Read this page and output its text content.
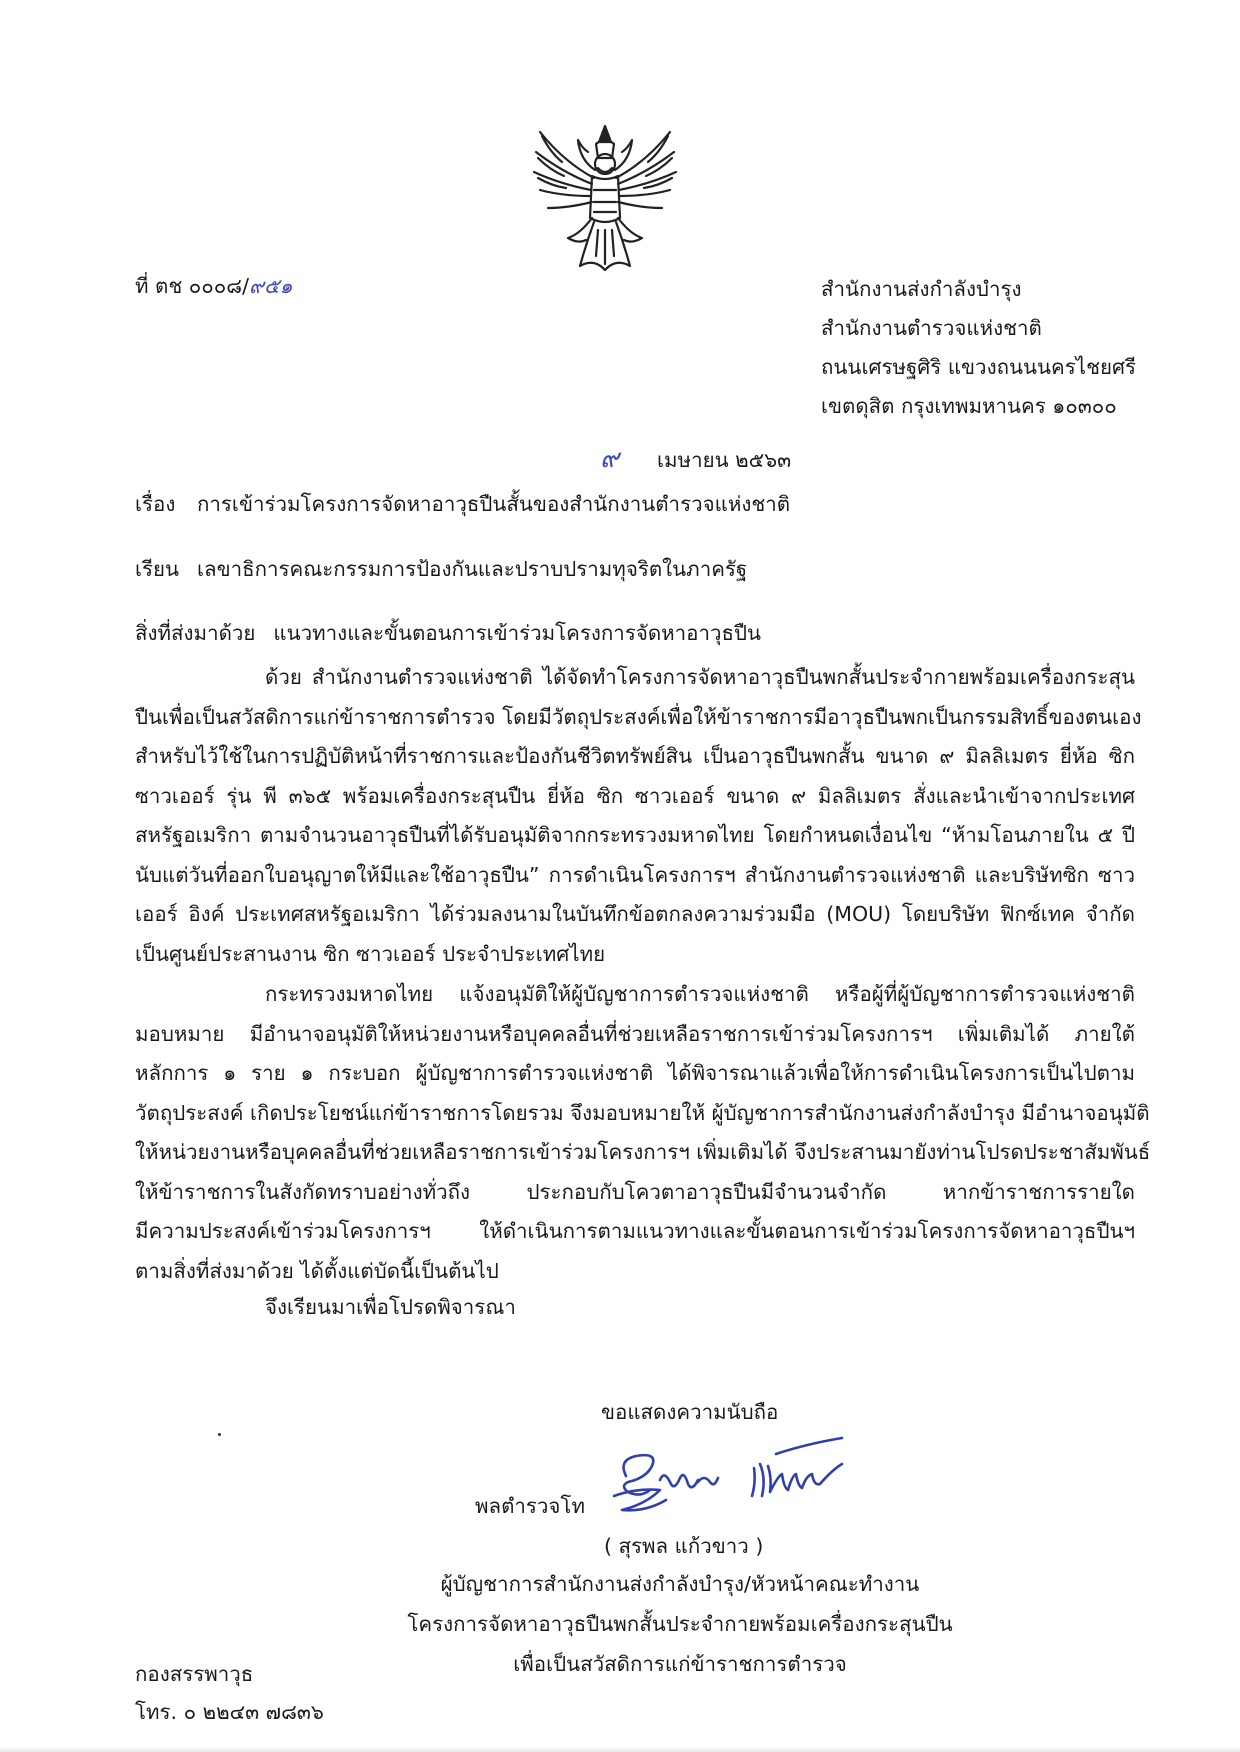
ที่ ตช ๐๐๐๘/๙๕๑	สำนักงานส่งกำลังบำรุง
สำนักงานตำรวจแห่งชาติ
ถนนเศรษฐศิริ แขวงถนนนครไชยศรี
เขตดุสิต กรุงเทพมหานคร ๑๐๓๐๐
๙ เมษายน ๒๕๖๓
เรื่อง การเข้าร่วมโครงการจัดหาอาวุธปืนสั้นของสำนักงานตำรวจแห่งชาติ
เรียน เลขาธิการคณะกรรมการป้องกันและปราบปรามทุจริตในภาครัฐ
สิ่งที่ส่งมาด้วย แนวทางและขั้นตอนการเข้าร่วมโครงการจัดหาอาวุธปืน
ด้วย สำนักงานตำรวจแห่งชาติ ได้จัดทำโครงการจัดหาอาวุธปืนพกสั้นประจำกายพร้อมเครื่องกระสุน
ปืนเพื่อเป็นสวัสดิการแก่ข้าราชการตำรวจ โดยมีวัตถุประสงค์เพื่อให้ข้าราชการมีอาวุธปืนพกเป็นกรรมสิทธิ์ของตนเอง
สำหรับไว้ใช้ในการปฏิบัติหน้าที่ราชการและป้องกันชีวิตทรัพย์สิน เป็นอาวุธปืนพกสั้น ขนาด ๙ มิลลิเมตร ยี่ห้อ ซิก
ซาวเออร์ รุ่น พี ๓๖๕ พร้อมเครื่องกระสุนปืน ยี่ห้อ ซิก ซาวเออร์ ขนาด ๙ มิลลิเมตร สั่งและนำเข้าจากประเทศ
สหรัฐอเมริกา ตามจำนวนอาวุธปืนที่ได้รับอนุมัติจากกระทรวงมหาดไทย โดยกำหนดเงื่อนไข “ห้ามโอนภายใน ๕ ปี
นับแต่วันที่ออกใบอนุญาตให้มีและใช้อาวุธปืน” การดำเนินโครงการฯ สำนักงานตำรวจแห่งชาติ และบริษัทซิก ซาว
เออร์ อิงค์ ประเทศสหรัฐอเมริกา ได้ร่วมลงนามในบันทึกข้อตกลงความร่วมมือ (MOU) โดยบริษัท ฟิกซ์เทค จำกัด
เป็นศูนย์ประสานงาน ซิก ซาวเออร์ ประจำประเทศไทย
กระทรวงมหาดไทย แจ้งอนุมัติให้ผู้บัญชาการตำรวจแห่งชาติ หรือผู้ที่ผู้บัญชาการตำรวจแห่งชาติ
มอบหมาย มีอำนาจอนุมัติให้หน่วยงานหรือบุคคลอื่นที่ช่วยเหลือราชการเข้าร่วมโครงการฯ เพิ่มเติมได้ ภายใต้
หลักการ ๑ ราย ๑ กระบอก ผู้บัญชาการตำรวจแห่งชาติ ได้พิจารณาแล้วเพื่อให้การดำเนินโครงการเป็นไปตาม
วัตถุประสงค์ เกิดประโยชน์แก่ข้าราชการโดยรวม จึงมอบหมายให้ ผู้บัญชาการสำนักงานส่งกำลังบำรุง มีอำนาจอนุมัติ
ให้หน่วยงานหรือบุคคลอื่นที่ช่วยเหลือราชการเข้าร่วมโครงการฯ เพิ่มเติมได้ จึงประสานมายังท่านโปรดประชาสัมพันธ์
ให้ข้าราชการในสังกัดทราบอย่างทั่วถึง ประกอบกับโควตาอาวุธปืนมีจำนวนจำกัด หากข้าราชการรายใด
มีความประสงค์เข้าร่วมโครงการฯ ให้ดำเนินการตามแนวทางและขั้นตอนการเข้าร่วมโครงการจัดหาอาวุธปืนฯ
ตามสิ่งที่ส่งมาด้วย ได้ตั้งแต่บัดนี้เป็นต้นไป
จึงเรียนมาเพื่อโปรดพิจารณา
ขอแสดงความนับถือ
พลตำรวจโท
( สุรพล แก้วขาว )
ผู้บัญชาการสำนักงานส่งกำลังบำรุง/หัวหน้าคณะทำงาน
โครงการจัดหาอาวุธปืนพกสั้นประจำกายพร้อมเครื่องกระสุนปืน
เพื่อเป็นสวัสดิการแก่ข้าราชการตำรวจ
กองสรรพาวุธ
โทร. ๐ ๒๒๔๓ ๗๘๓๖
